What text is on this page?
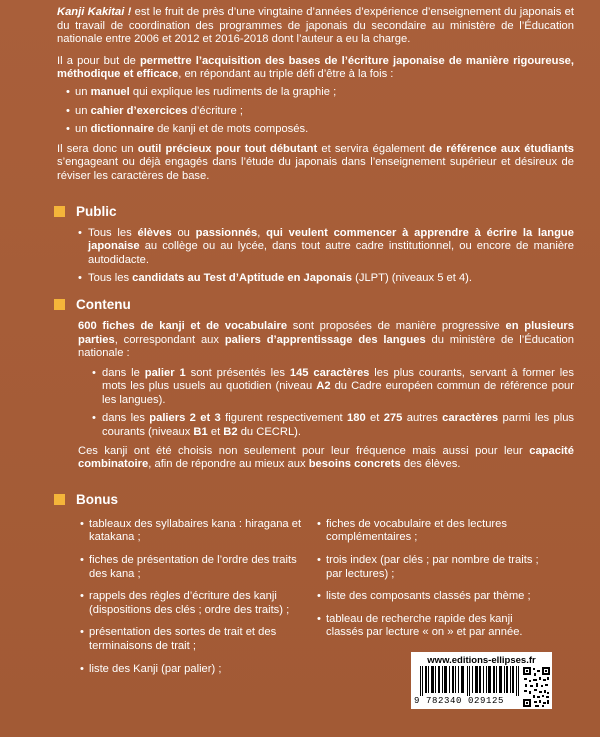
Kanji Kakitai ! est le fruit de près d’une vingtaine d’années d’expérience d’enseignement du japonais et du travail de coordination des programmes de japonais du secondaire au ministère de l’Éducation nationale entre 2006 et 2012 et 2016-2018 dont l’auteur a eu la charge.

Il a pour but de permettre l’acquisition des bases de l’écriture japonaise de manière rigoureuse, méthodique et efficace, en répondant au triple défi d’être à la fois :

• un manuel qui explique les rudiments de la graphie ;
• un cahier d’exercices d’écriture ;
• un dictionnaire de kanji et de mots composés.

Il sera donc un outil précieux pour tout débutant et servira également de référence aux étudiants s’engageant ou déjà engagés dans l’étude du japonais dans l’enseignement supérieur et désireux de réviser les caractères de base.

Public
• Tous les élèves ou passionnés, qui veulent commencer à apprendre à écrire la langue japonaise au collège ou au lycée, dans tout autre cadre institutionnel, ou encore de manière autodidacte.
• Tous les candidats au Test d’Aptitude en Japonais (JLPT) (niveaux 5 et 4).
Contenu

600 fiches de kanji et de vocabulaire sont proposées de manière progressive en plusieurs parties, correspondant aux paliers d’apprentissage des langues du ministère de l’Éducation nationale :

• dans le palier 1 sont présentés les 145 caractères les plus courants, servant à former les mots les plus usuels au quotidien (niveau A2 du Cadre européen commun de référence pour les langues).
• dans les paliers 2 et 3 figurent respectivement 180 et 275 autres caractères parmi les plus courants (niveaux B1 et B2 du CECRL).

Ces kanji ont été choisis non seulement pour leur fréquence mais aussi pour leur capacité combinatoire, afin de répondre au mieux aux besoins concrets des élèves.

Bonus
• tableaux des syllabaires kana : hiragana et katakana ;
• fiches de présentation de l’ordre des traits des kana ;
• rappels des règles d’écriture des kanji (dispositions des clés ; ordre des traits) ;
• présentation des sortes de trait et des terminaisons de trait ;
• liste des Kanji (par palier) ;
• fiches de vocabulaire et des lectures complémentaires ;
• trois index (par clés ; par nombre de traits ; par lectures) ;
• liste des composants classés par thème ;
• tableau de recherche rapide des kanji classés par lecture « on » et par année.
www.editions-ellipses.fr
9 782340 029125
